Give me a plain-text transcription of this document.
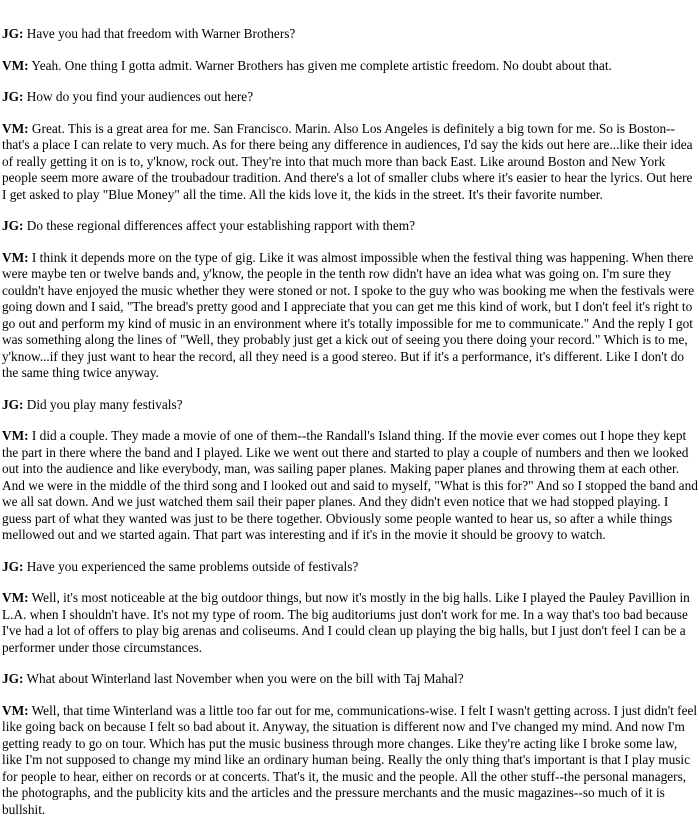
JG: Have you had that freedom with Warner Brothers?

VM: Yeah. One thing I gotta admit. Warner Brothers has given me complete artistic freedom. No doubt about that.

JG: How do you find your audiences out here?

VM: Great. This is a great area for me. San Francisco. Marin. Also Los Angeles is definitely a big town for me. So is Boston--that's a place I can relate to very much. As for there being any difference in audiences, I'd say the kids out here are...like their idea of really getting it on is to, y'know, rock out. They're into that much more than back East. Like around Boston and New York people seem more aware of the troubadour tradition. And there's a lot of smaller clubs where it's easier to hear the lyrics. Out here I get asked to play "Blue Money" all the time. All the kids love it, the kids in the street. It's their favorite number.

JG: Do these regional differences affect your establishing rapport with them?

VM: I think it depends more on the type of gig. Like it was almost impossible when the festival thing was happening. When there were maybe ten or twelve bands and, y'know, the people in the tenth row didn't have an idea what was going on. I'm sure they couldn't have enjoyed the music whether they were stoned or not. I spoke to the guy who was booking me when the festivals were going down and I said, "The bread's pretty good and I appreciate that you can get me this kind of work, but I don't feel it's right to go out and perform my kind of music in an environment where it's totally impossible for me to communicate." And the reply I got was something along the lines of "Well, they probably just get a kick out of seeing you there doing your record." Which is to me, y'know...if they just want to hear the record, all they need is a good stereo. But if it's a performance, it's different. Like I don't do the same thing twice anyway.

JG: Did you play many festivals?

VM: I did a couple. They made a movie of one of them--the Randall's Island thing. If the movie ever comes out I hope they kept the part in there where the band and I played. Like we went out there and started to play a couple of numbers and then we looked out into the audience and like everybody, man, was sailing paper planes. Making paper planes and throwing them at each other. And we were in the middle of the third song and I looked out and said to myself, "What is this for?" And so I stopped the band and we all sat down. And we just watched them sail their paper planes. And they didn't even notice that we had stopped playing. I guess part of what they wanted was just to be there together. Obviously some people wanted to hear us, so after a while things mellowed out and we started again. That part was interesting and if it's in the movie it should be groovy to watch.

JG: Have you experienced the same problems outside of festivals?

VM: Well, it's most noticeable at the big outdoor things, but now it's mostly in the big halls. Like I played the Pauley Pavillion in L.A. when I shouldn't have. It's not my type of room. The big auditoriums just don't work for me. In a way that's too bad because I've had a lot of offers to play big arenas and coliseums. And I could clean up playing the big halls, but I just don't feel I can be a performer under those circumstances.

JG: What about Winterland last November when you were on the bill with Taj Mahal?

VM: Well, that time Winterland was a little too far out for me, communications-wise. I felt I wasn't getting across. I just didn't feel like going back on because I felt so bad about it. Anyway, the situation is different now and I've changed my mind. And now I'm getting ready to go on tour. Which has put the music business through more changes. Like they're acting like I broke some law, like I'm not supposed to change my mind like an ordinary human being. Really the only thing that's important is that I play music for people to hear, either on records or at concerts. That's it, the music and the people. All the other stuff--the personal managers, the photographs, and the publicity kits and the articles and the pressure merchants and the music magazines--so much of it is bullshit.
